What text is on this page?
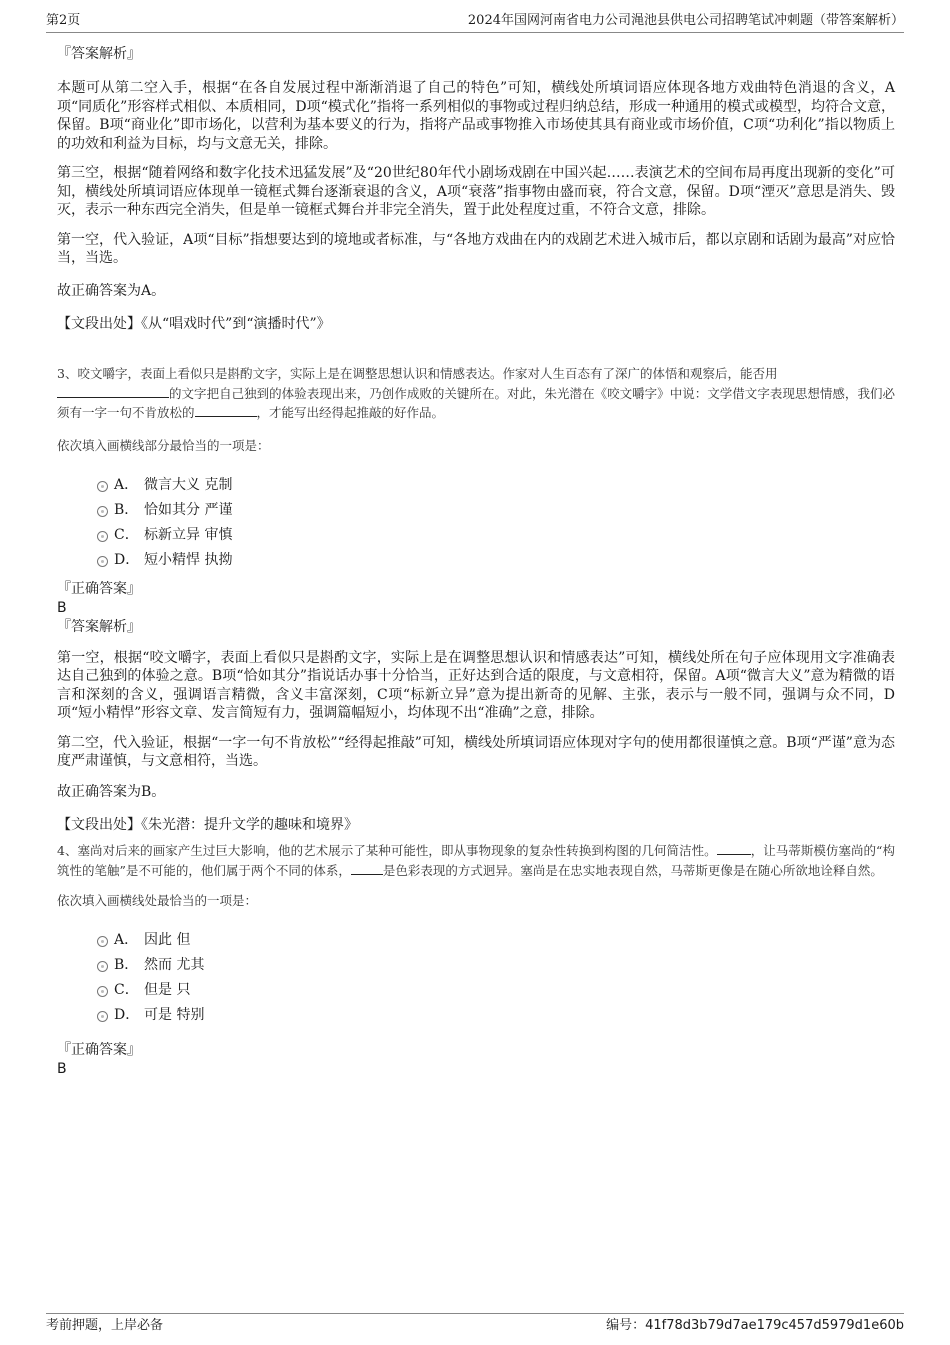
第2页	2024年国网河南省电力公司渑池县供电公司招聘笔试冲刺题（带答案解析）

『答案解析』

本题可从第二空入手，根据“在各自发展过程中渐渐消退了自己的特色”可知，横线处所填词语应体现各地方戏曲特色消退的含义，A项“同质化”形容样式相似、本质相同，D项“模式化”指将一系列相似的事物或过程归纳总结，形成一种通用的模式或模型，均符合文意，保留。B项“商业化”即市场化，以营利为基本要义的行为，指将产品或事物推入市场使其具有商业或市场价值，C项“功利化”指以物质上的功效和利益为目标，均与文意无关，排除。

第三空，根据“随着网络和数字化技术迅猛发展”及“20世纪80年代小剧场戏剧在中国兴起……表演艺术的空间布局再度出现新的变化”可知，横线处所填词语应体现单一镜框式舞台逐渐衰退的含义，A项“衰落”指事物由盛而衰，符合文意，保留。D项“湮灭”意思是消失、毁灭，表示一种东西完全消失，但是单一镜框式舞台并非完全消失，置于此处程度过重，不符合文意，排除。

第一空，代入验证，A项“目标”指想要达到的境地或者标准，与“各地方戏曲在内的戏剧艺术进入城市后，都以京剧和话剧为最高”对应恰当，当选。

故正确答案为A。

【文段出处】《从“唱戏时代”到“演播时代”》

3、咬文嚼字，表面上看似只是斟酌文字，实际上是在调整思想认识和情感表达。作家对人生百态有了深广的体悟和观察后，能否用
的文字把自己独到的体验表现出来，乃创作成败的关键所在。对此，朱光潜在《咬文嚼字》中说：文学借文字表现思想情感，我们必须有一字一句不肯放松的	，才能写出经得起推敲的好作品。

依次填入画横线部分最恰当的一项是：

A． 微言大义 克制
B． 恰如其分 严谨
C． 标新立异 审慎
D． 短小精悍 执拗

『正确答案』

B

『答案解析』

第一空，根据“咬文嚼字，表面上看似只是斟酌文字，实际上是在调整思想认识和情感表达”可知，横线处所在句子应体现用文字准确表达自己独到的体验之意。B项“恰如其分”指说话办事十分恰当，正好达到合适的限度，与文意相符，保留。A项“微言大义”意为精微的语言和深刻的含义，强调语言精微，含义丰富深刻，C项“标新立异”意为提出新奇的见解、主张，表示与一般不同，强调与众不同，D项“短小精悍”形容文章、发言简短有力，强调篇幅短小，均体现不出“准确”之意，排除。

第二空，代入验证，根据“一字一句不肯放松”“经得起推敲”可知，横线处所填词语应体现对字句的使用都很谨慎之意。B项“严谨”意为态度严肃谨慎，与文意相符，当选。

故正确答案为B。

【文段出处】《朱光潜：提升文学的趣味和境界》

4、塞尚对后来的画家产生过巨大影响，他的艺术展示了某种可能性，即从事物现象的复杂性转换到构图的几何简洁性。	，让马蒂斯模仿塞尚的“构筑性的笔触”是不可能的，他们属于两个不同的体系，	是色彩表现的方式迥异。塞尚是在忠实地表现自然，马蒂斯更像是在随心所欲地诠释自然。

依次填入画横线处最恰当的一项是：

A． 因此 但
B． 然而 尤其
C． 但是 只
D． 可是 特别

『正确答案』

B

考前押题，上岸必备	编号：41f78d3b79d7ae179c457d5979d1e60b
